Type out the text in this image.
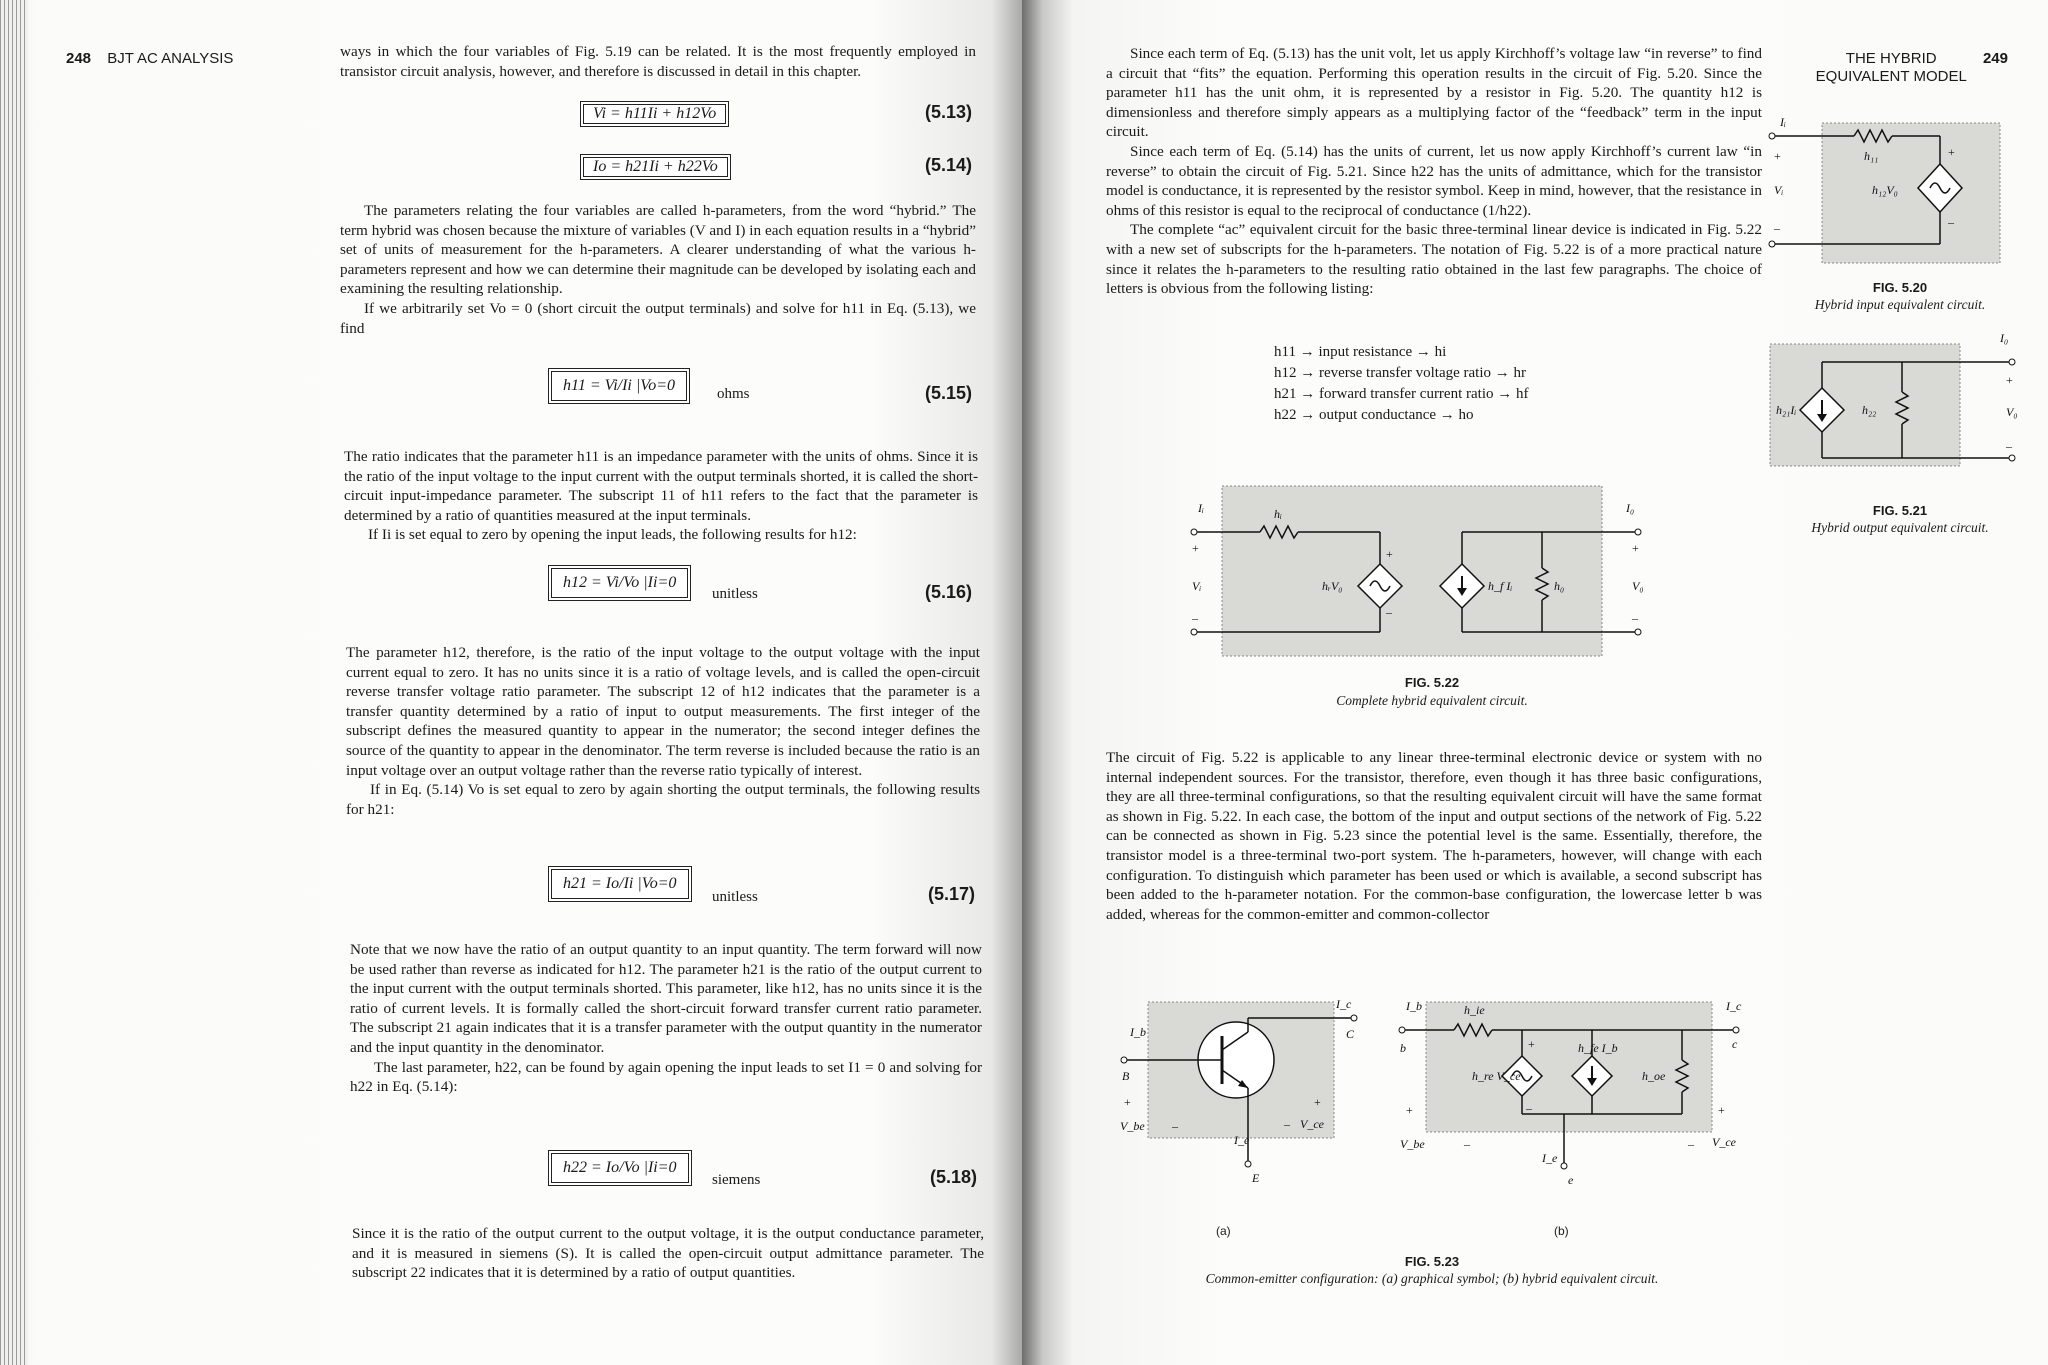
248 BJT AC ANALYSIS	ways in which the four variables of Fig. 5.19 can be related. It is the most frequently employed in transistor circuit analysis, however, and therefore is discussed in detail in this chapter.

Vi = h11Ii + h12Vo	(5.13)
Io = h21Ii + h22Vo	(5.14)

The parameters relating the four variables are called h-parameters, from the word “hybrid.” The term hybrid was chosen because the mixture of variables (V and I) in each equation results in a “hybrid” set of units of measurement for the h-parameters. A clearer understanding of what the various h-parameters represent and how we can determine their magnitude can be developed by isolating each and examining the resulting relationship.

If we arbitrarily set Vo = 0 (short circuit the output terminals) and solve for h11 in Eq. (5.13), we find

h11 = Vi/Ii |Vo=0	ohms	(5.15)

The ratio indicates that the parameter h11 is an impedance parameter with the units of ohms. Since it is the ratio of the input voltage to the input current with the output terminals shorted, it is called the short-circuit input-impedance parameter. The subscript 11 of h11 refers to the fact that the parameter is determined by a ratio of quantities measured at the input terminals.

If Ii is set equal to zero by opening the input leads, the following results for h12:

h12 = Vi/Vo |Ii=0
unitless	(5.16)

The parameter h12, therefore, is the ratio of the input voltage to the output voltage with the input current equal to zero. It has no units since it is a ratio of voltage levels, and is called the open-circuit reverse transfer voltage ratio parameter. The subscript 12 of h12 indicates that the parameter is a transfer quantity determined by a ratio of input to output measurements. The first integer of the subscript defines the measured quantity to appear in the numerator; the second integer defines the source of the quantity to appear in the denominator. The term reverse is included because the ratio is an input voltage over an output voltage rather than the reverse ratio typically of interest.

If in Eq. (5.14) Vo is set equal to zero by again shorting the output terminals, the following results for h21:

h21 = Io/Ii |Vo=0
unitless	(5.17)

Note that we now have the ratio of an output quantity to an input quantity. The term forward will now be used rather than reverse as indicated for h12. The parameter h21 is the ratio of the output current to the input current with the output terminals shorted. This parameter, like h12, has no units since it is the ratio of current levels. It is formally called the short-circuit forward transfer current ratio parameter. The subscript 21 again indicates that it is a transfer parameter with the output quantity in the numerator and the input quantity in the denominator.

The last parameter, h22, can be found by again opening the input leads to set I1 = 0 and solving for h22 in Eq. (5.14):

h22 = Io/Vo |Ii=0
siemens	(5.18)

Since it is the ratio of the output current to the output voltage, it is the output conductance parameter, and it is measured in siemens (S). It is called the open-circuit output admittance parameter. The subscript 22 indicates that it is determined by a ratio of output quantities.

THE HYBRID
EQUIVALENT MODEL 249

Since each term of Eq. (5.13) has the unit volt, let us apply Kirchhoff’s voltage law “in reverse” to find a circuit that “fits” the equation. Performing this operation results in the circuit of Fig. 5.20. Since the parameter h11 has the unit ohm, it is represented by a resistor in Fig. 5.20. The quantity h12 is dimensionless and therefore simply appears as a multiplying factor of the “feedback” term in the input circuit.

Since each term of Eq. (5.14) has the units of current, let us now apply Kirchhoff’s current law “in reverse” to obtain the circuit of Fig. 5.21. Since h22 has the units of admittance, which for the transistor model is conductance, it is represented by the resistor symbol. Keep in mind, however, that the resistance in ohms of this resistor is equal to the reciprocal of conductance (1/h22).

The complete “ac” equivalent circuit for the basic three-terminal linear device is indicated in Fig. 5.22 with a new set of subscripts for the h-parameters. The notation of Fig. 5.22 is of a more practical nature since it relates the h-parameters to the resulting ratio obtained in the last few paragraphs. The choice of letters is obvious from the following listing:

h11 → input resistance → hi
h12 → reverse transfer voltage ratio → hr
h21 → forward transfer current ratio → hf
h22 → output conductance → ho
Iᵢ
+
Vᵢ
–
h₁₁	+
h₁₂V₀
–
FIG. 5.20
Hybrid input equivalent circuit.
I₀
+
V₀
–
h₂₁Iᵢ	h₂₂
FIG. 5.21
Hybrid output equivalent circuit.
Iᵢ
+
Vᵢ
–
hᵢ
+
hᵣV₀
–
h_f Iᵢ	h₀
I₀
+
V₀
–
FIG. 5.22
Complete hybrid equivalent circuit.

The circuit of Fig. 5.22 is applicable to any linear three-terminal electronic device or system with no internal independent sources. For the transistor, therefore, even though it has three basic configurations, they are all three-terminal configurations, so that the resulting equivalent circuit will have the same format as shown in Fig. 5.22. In each case, the bottom of the input and output sections of the network of Fig. 5.22 can be connected as shown in Fig. 5.23 since the potential level is the same. Essentially, therefore, the transistor model is a three-terminal two-port system. The h-parameters, however, will change with each configuration. To distinguish which parameter has been used or which is available, a second subscript has been added to the h-parameter notation. For the common-base configuration, the lowercase letter b was added, whereas for the common-emitter and common-collector

I_b
B
I_c
C
E
I_e
+
V_be –
+
– V_ce
(a)
I_b
b
h_ie
+
h_re V_ce
–
h_fe I_b
h_oe
I_c
c
e
I_e
+
V_be	–
+
– V_ce
(b)
FIG. 5.23
Common-emitter configuration: (a) graphical symbol; (b) hybrid equivalent circuit.
